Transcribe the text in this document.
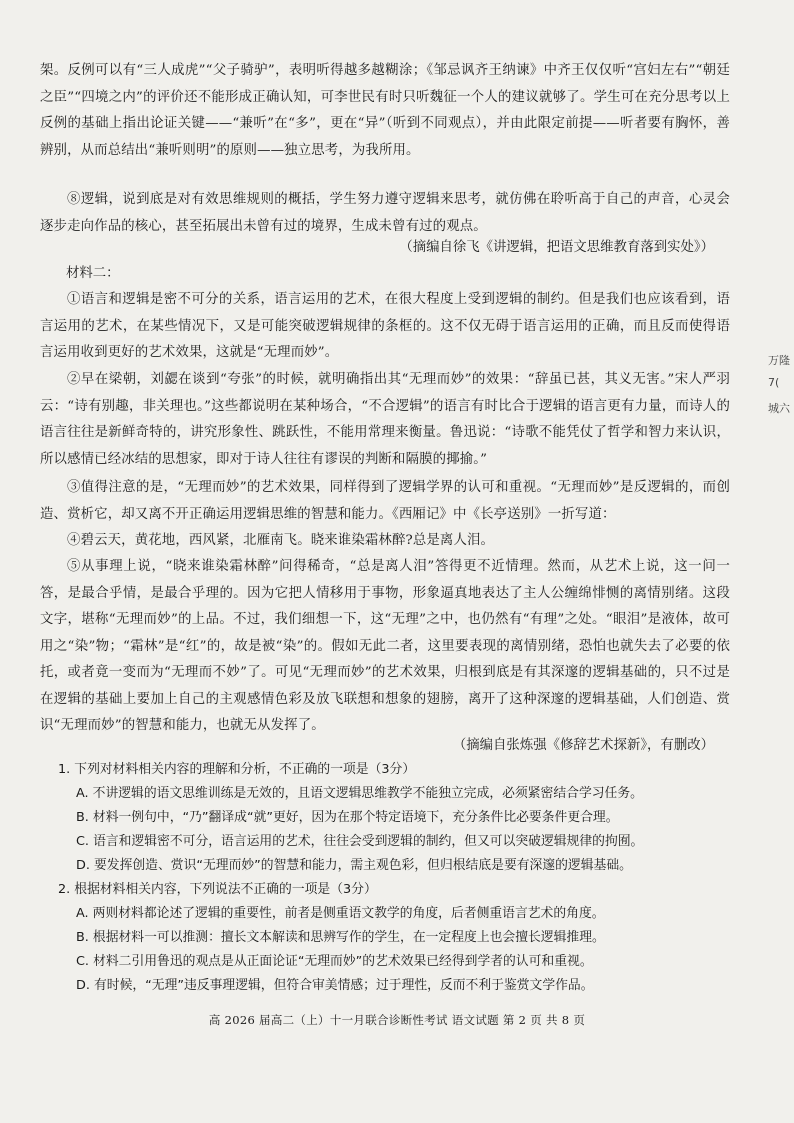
架。反例可以有“三人成虎”“父子骑驴”，表明听得越多越糊涂；《邹忌讽齐王纳谏》中齐王仅仅听“宫妇左右”“朝廷之臣”“四境之内”的评价还不能形成正确认知，可李世民有时只听魏征一个人的建议就够了。学生可在充分思考以上反例的基础上指出论证关键——“兼听”在“多”，更在“异”（听到不同观点），并由此限定前提——听者要有胸怀，善辨别，从而总结出“兼听则明”的原则——独立思考，为我所用。

⑧逻辑，说到底是对有效思维规则的概括，学生努力遵守逻辑来思考，就仿佛在聆听高于自己的声音，心灵会逐步走向作品的核心，甚至拓展出未曾有过的境界，生成未曾有过的观点。

（摘编自徐飞《讲逻辑，把语文思维教育落到实处》）
材料二：

①语言和逻辑是密不可分的关系，语言运用的艺术，在很大程度上受到逻辑的制约。但是我们也应该看到，语言运用的艺术，在某些情况下，又是可能突破逻辑规律的条框的。这不仅无碍于语言运用的正确，而且反而使得语言运用收到更好的艺术效果，这就是“无理而妙”。

②早在梁朝，刘勰在谈到“夸张”的时候，就明确指出其“无理而妙”的效果：“辞虽已甚，其义无害。”宋人严羽云：“诗有别趣，非关理也。”这些都说明在某种场合，“不合逻辑”的语言有时比合于逻辑的语言更有力量，而诗人的语言往往是新鲜奇特的，讲究形象性、跳跃性，不能用常理来衡量。鲁迅说：“诗歌不能凭仗了哲学和智力来认识，所以感情已经冰结的思想家，即对于诗人往往有谬误的判断和隔膜的揶揄。”

③值得注意的是，“无理而妙”的艺术效果，同样得到了逻辑学界的认可和重视。“无理而妙”是反逻辑的，而创造、赏析它，却又离不开正确运用逻辑思维的智慧和能力。《西厢记》中《长亭送别》一折写道：

④碧云天，黄花地，西风紧，北雁南飞。晓来谁染霜林醉?总是离人泪。

⑤从事理上说，“晓来谁染霜林醉”问得稀奇，“总是离人泪”答得更不近情理。然而，从艺术上说，这一问一答，是最合乎情，是最合乎理的。因为它把人情移用于事物，形象逼真地表达了主人公缠绵悱恻的离情别绪。这段文字，堪称“无理而妙”的上品。不过，我们细想一下，这“无理”之中，也仍然有“有理”之处。“眼泪”是液体，故可用之“染”物；“霜林”是“红”的，故是被“染”的。假如无此二者，这里要表现的离情别绪，恐怕也就失去了必要的依托，或者竟一变而为“无理而不妙”了。可见“无理而妙”的艺术效果，归根到底是有其深邃的逻辑基础的，只不过是在逻辑的基础上要加上自己的主观感情色彩及放飞联想和想象的翅膀，离开了这种深邃的逻辑基础，人们创造、赏识“无理而妙”的智慧和能力，也就无从发挥了。

（摘编自张炼强《修辞艺术探新》，有删改）
1. 下列对材料相关内容的理解和分析，不正确的一项是（3分）
A. 不讲逻辑的语文思维训练是无效的，且语文逻辑思维教学不能独立完成，必须紧密结合学习任务。
B. 材料一例句中，“乃”翻译成“就”更好，因为在那个特定语境下，充分条件比必要条件更合理。
C. 语言和逻辑密不可分，语言运用的艺术，往往会受到逻辑的制约，但又可以突破逻辑规律的拘囿。
D. 要发挥创造、赏识“无理而妙”的智慧和能力，需主观色彩，但归根结底是要有深邃的逻辑基础。
2. 根据材料相关内容，下列说法不正确的一项是（3分）
A. 两则材料都论述了逻辑的重要性，前者是侧重语文教学的角度，后者侧重语言艺术的角度。
B. 根据材料一可以推测：擅长文本解读和思辨写作的学生，在一定程度上也会擅长逻辑推理。
C. 材料二引用鲁迅的观点是从正面论证“无理而妙”的艺术效果已经得到学者的认可和重视。
D. 有时候，“无理”违反事理逻辑，但符合审美情感；过于理性，反而不利于鉴赏文学作品。
万隆
7(
城六
高 2026 届高二（上）十一月联合诊断性考试 语文试题 第 2 页 共 8 页
